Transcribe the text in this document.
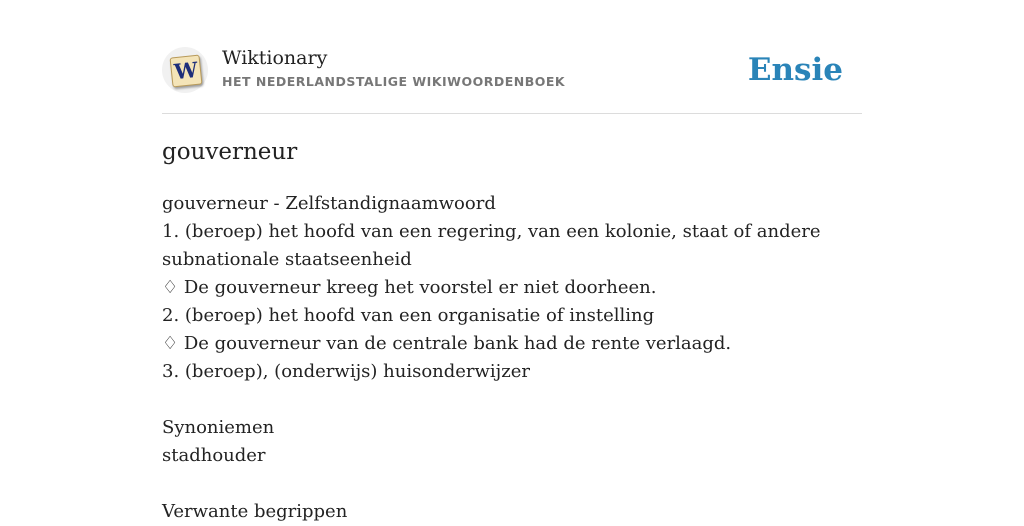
W Wiktionary
HET NEDERLANDSTALIGE WIKIWOORDENBOEK	Ensie
gouverneur
gouverneur - Zelfstandignaamwoord
1. (beroep) het hoofd van een regering, van een kolonie, staat of andere
subnationale staatseenheid
♢ De gouverneur kreeg het voorstel er niet doorheen.
2. (beroep) het hoofd van een organisatie of instelling
♢ De gouverneur van de centrale bank had de rente verlaagd.
3. (beroep), (onderwijs) huisonderwijzer
Synoniemen
stadhouder
Verwante begrippen
